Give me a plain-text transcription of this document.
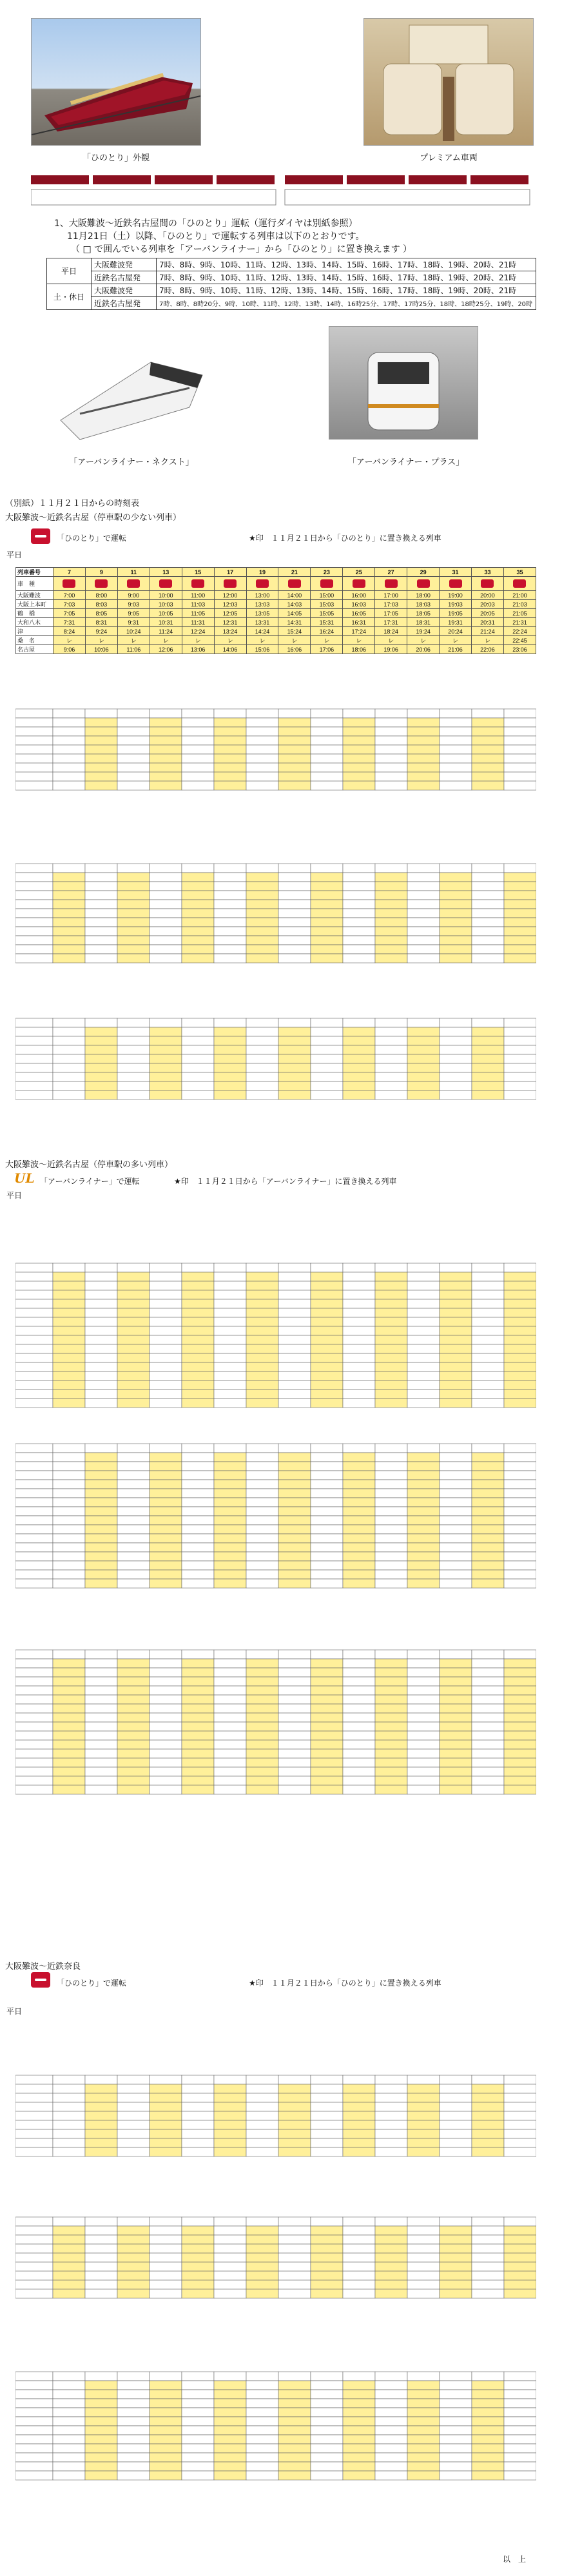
「ひのとり」外観	プレミアム車両
1、大阪難波～近鉄名古屋間の「ひのとり」運転（運行ダイヤは別紙参照）
11月21日（土）以降、「ひのとり」で運転する列車は以下のとおりです。
（ □ で囲んでいる列車を「アーバンライナー」から「ひのとり」に置き換えます ）
平日	大阪難波発	7時、8時、9時、10時、11時、12時、13時、14時、15時、16時、17時、18時、19時、20時、21時
	近鉄名古屋発	7時、8時、9時、10時、11時、12時、13時、14時、15時、16時、17時、18時、19時、20時、21時
土・休日	大阪難波発	7時、8時、9時、10時、11時、12時、13時、14時、15時、16時、17時、18時、19時、20時、21時
	近鉄名古屋発	7時、8時、8時20分、9時、10時、11時、12時、13時、14時、16時25分、17時、17時25分、18時、18時25分、19時、20時
「アーバンライナー・ネクスト」	「アーバンライナー・プラス」
（別紙）１１月２１日からの時刻表
大阪難波～近鉄名古屋（停車駅の少ない列車）
「ひのとり」で運転	★印　１１月２１日から「ひのとり」に置き換える列車
平日
列車番号	7	9	11	13	15	17	19	21	23	25	27	29	31	33	35
車　種															
大阪難波	7:00	8:00	9:00	10:00	11:00	12:00	13:00	14:00	15:00	16:00	17:00	18:00	19:00	20:00	21:00
大阪上本町	7:03	8:03	9:03	10:03	11:03	12:03	13:03	14:03	15:03	16:03	17:03	18:03	19:03	20:03	21:03
鶴　橋	7:05	8:05	9:05	10:05	11:05	12:05	13:05	14:05	15:05	16:05	17:05	18:05	19:05	20:05	21:05
大和八木	7:31	8:31	9:31	10:31	11:31	12:31	13:31	14:31	15:31	16:31	17:31	18:31	19:31	20:31	21:31
津	8:24	9:24	10:24	11:24	12:24	13:24	14:24	15:24	16:24	17:24	18:24	19:24	20:24	21:24	22:24
桑　名	レ	レ	レ	レ	レ	レ	レ	レ	レ	レ	レ	レ	レ	レ	22:45
名古屋	9:06	10:06	11:06	12:06	13:06	14:06	15:06	16:06	17:06	18:06	19:06	20:06	21:06	22:06	23:06
大阪難波～近鉄名古屋（停車駅の多い列車）
UL 「アーバンライナー」で運転	★印　１１月２１日から「アーバンライナー」に置き換える列車
平日
大阪難波～近鉄奈良
「ひのとり」で運転	★印　１１月２１日から「ひのとり」に置き換える列車
平日
以　上
